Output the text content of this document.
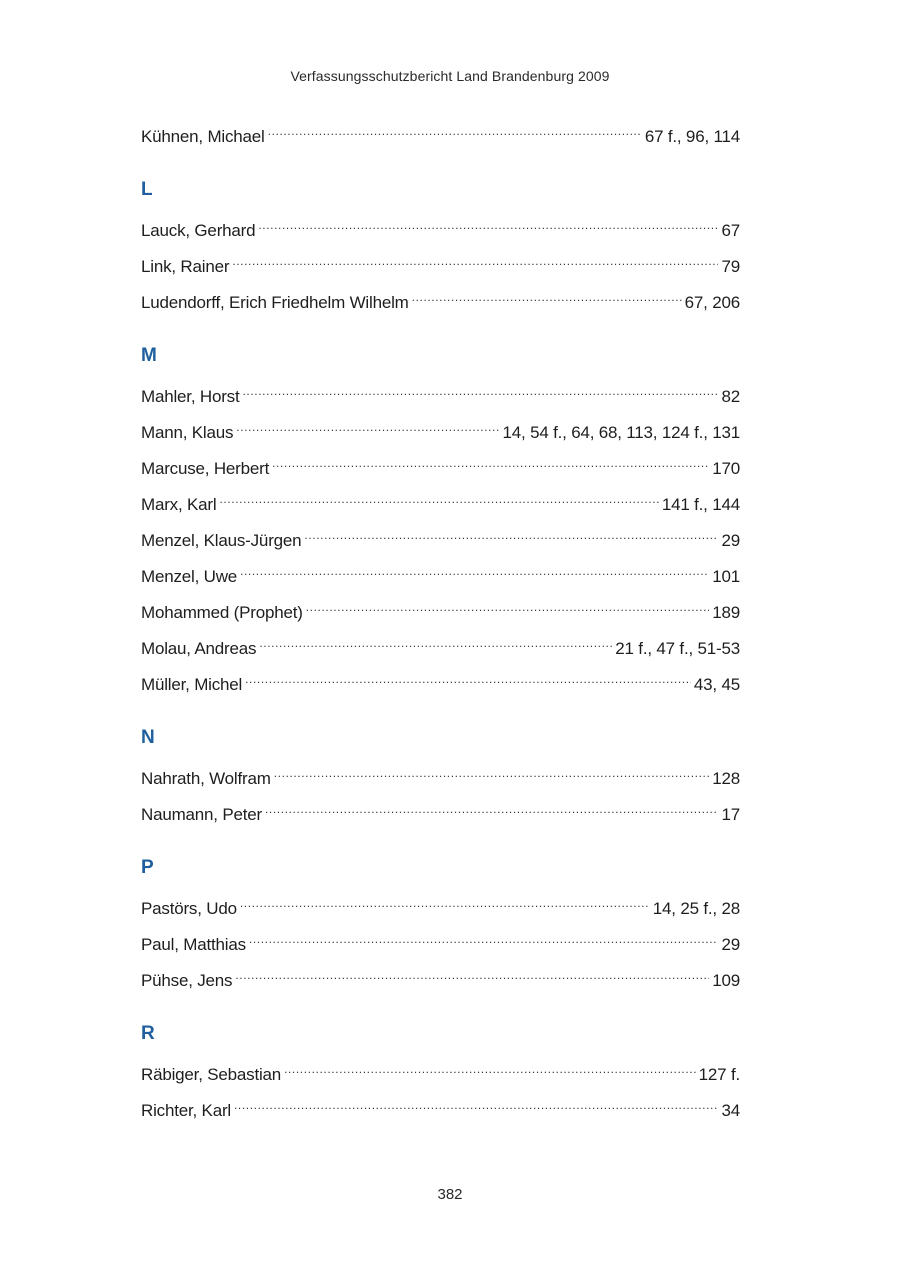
Verfassungsschutzbericht Land Brandenburg 2009
Kühnen, Michael .....	67 f., 96, 114
L
Lauck, Gerhard .....	67
Link, Rainer .....	79
Ludendorff, Erich Friedhelm Wilhelm .....	67, 206
M
Mahler, Horst .....	82
Mann, Klaus .....	14, 54 f., 64, 68, 113, 124 f., 131
Marcuse, Herbert .....	170
Marx, Karl .....	141 f., 144
Menzel, Klaus-Jürgen .....	29
Menzel, Uwe .....	101
Mohammed (Prophet) .....	189
Molau, Andreas .....	21 f., 47 f., 51-53
Müller, Michel .....	43, 45
N
Nahrath, Wolfram .....	128
Naumann, Peter .....	17
P
Pastörs, Udo .....	14, 25 f., 28
Paul, Matthias .....	29
Pühse, Jens .....	109
R
Räbiger, Sebastian .....	127 f.
Richter, Karl .....	34
382
